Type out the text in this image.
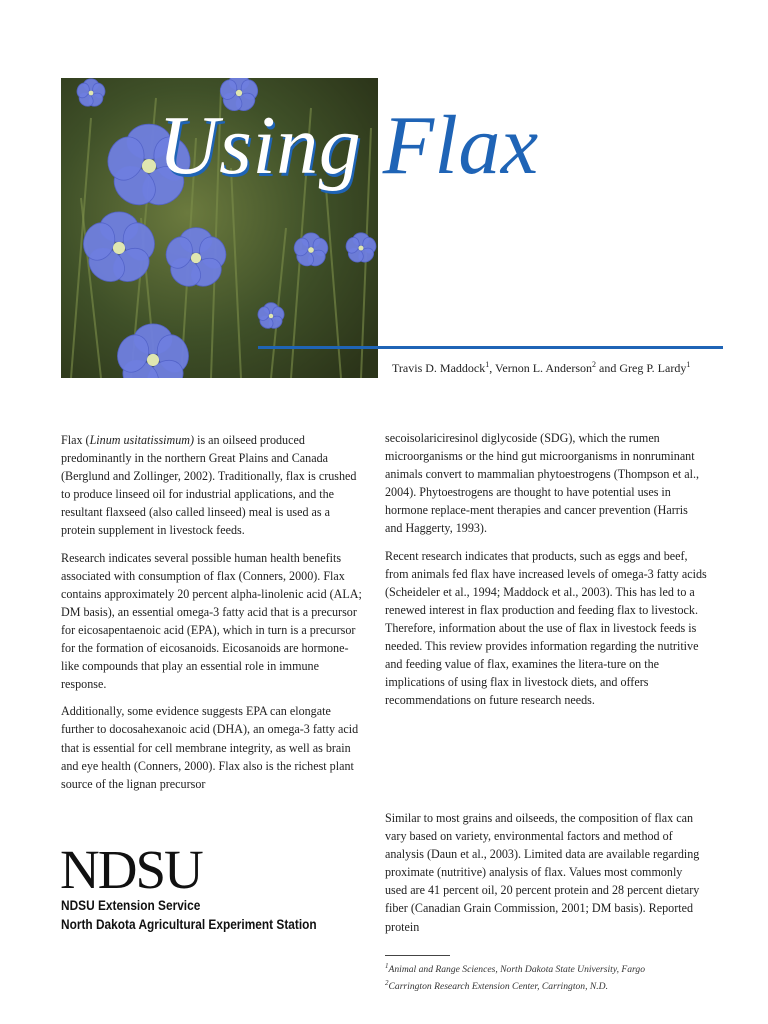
Using Flax
Travis D. Maddock$^1$, Vernon L. Anderson$^2$ and Greg P. Lardy$^1$

Flax (Linum usitatissimum) is an oilseed produced predominantly in the northern Great Plains and Canada (Berglund and Zollinger, 2002). Traditionally, flax is crushed to produce linseed oil for industrial applications, and the resultant flaxseed (also called linseed) meal is used as a protein supplement in livestock feeds.

Research indicates several possible human health benefits associated with consumption of flax (Conners, 2000). Flax contains approximately 20 percent alpha-linolenic acid (ALA; DM basis), an essential omega-3 fatty acid that is a precursor for eicosapentaenoic acid (EPA), which in turn is a precursor for the formation of eicosanoids. Eicosanoids are hormone-like compounds that play an essential role in immune response.

Additionally, some evidence suggests EPA can elongate further to docosahexanoic acid (DHA), an omega-3 fatty acid that is essential for cell membrane integrity, as well as brain and eye health (Conners, 2000). Flax also is the richest plant source of the lignan precursor

secoisolariciresinol diglycoside (SDG), which the rumen microorganisms or the hind gut microorganisms in nonruminant animals convert to mammalian phytoestrogens (Thompson et al., 2004). Phytoestrogens are thought to have potential uses in hormone replace-ment therapies and cancer prevention (Harris and Haggerty, 1993).

Recent research indicates that products, such as eggs and beef, from animals fed flax have increased levels of omega-3 fatty acids (Scheideler et al., 1994; Maddock et al., 2003). This has led to a renewed interest in flax production and feeding flax to livestock. Therefore, information about the use of flax in livestock feeds is needed. This review provides information regarding the nutritive and feeding value of flax, examines the litera-ture on the implications of using flax in livestock diets, and offers recommendations on future research needs.

Similar to most grains and oilseeds, the composition of flax can vary based on variety, environmental factors and method of analysis (Daun et al., 2003). Limited data are available regarding proximate (nutritive) analysis of flax. Values most commonly used are 41 percent oil, 20 percent protein and 28 percent dietary fiber (Canadian Grain Commission, 2001; DM basis). Reported protein

NDSU
NDSU Extension Service
North Dakota Agricultural Experiment Station
$^1$Animal and Range Sciences, North Dakota State University, Fargo
$^2$Carrington Research Extension Center, Carrington, N.D.
